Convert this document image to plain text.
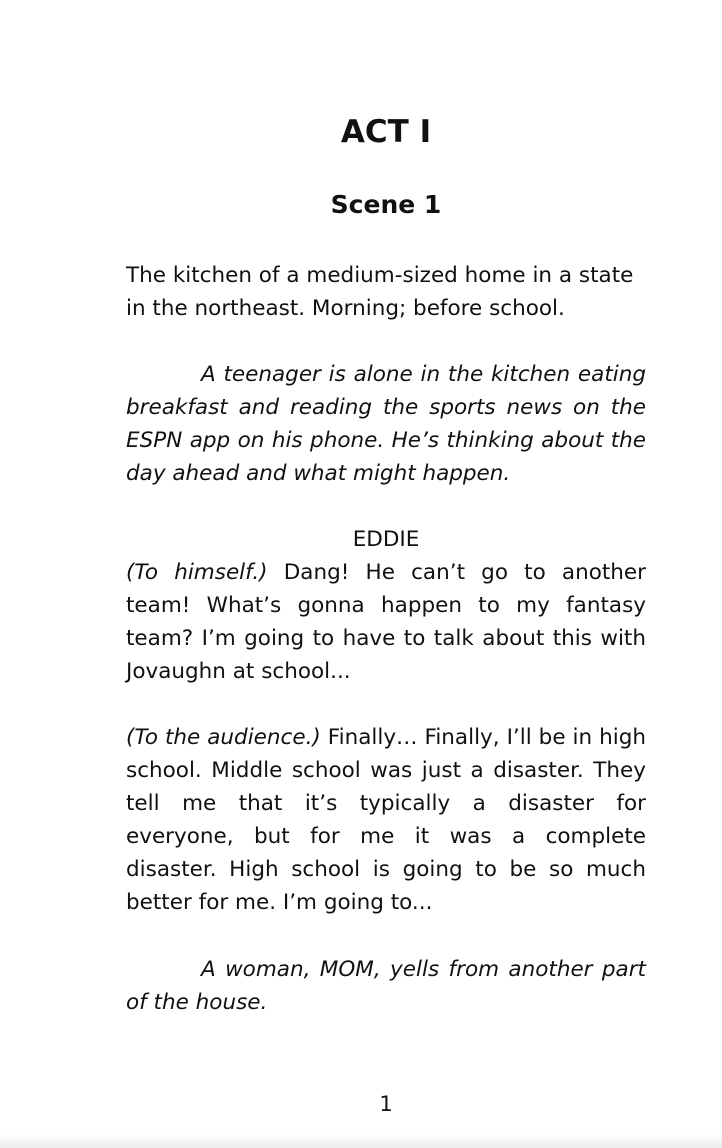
ACT I
Scene 1

The kitchen of a medium-sized home in a state in the northeast. Morning; before school.

A teenager is alone in the kitchen eating breakfast and reading the sports news on the ESPN app on his phone. He’s thinking about the day ahead and what might happen.

EDDIE

(To himself.) Dang! He can’t go to another team! What’s gonna happen to my fantasy team? I’m going to have to talk about this with Jovaughn at school...

(To the audience.) Finally… Finally, I’ll be in high school. Middle school was just a disaster. They tell me that it’s typically a disaster for everyone, but for me it was a complete disaster. High school is going to be so much better for me. I’m going to...

A woman, MOM, yells from another part of the house.

1
